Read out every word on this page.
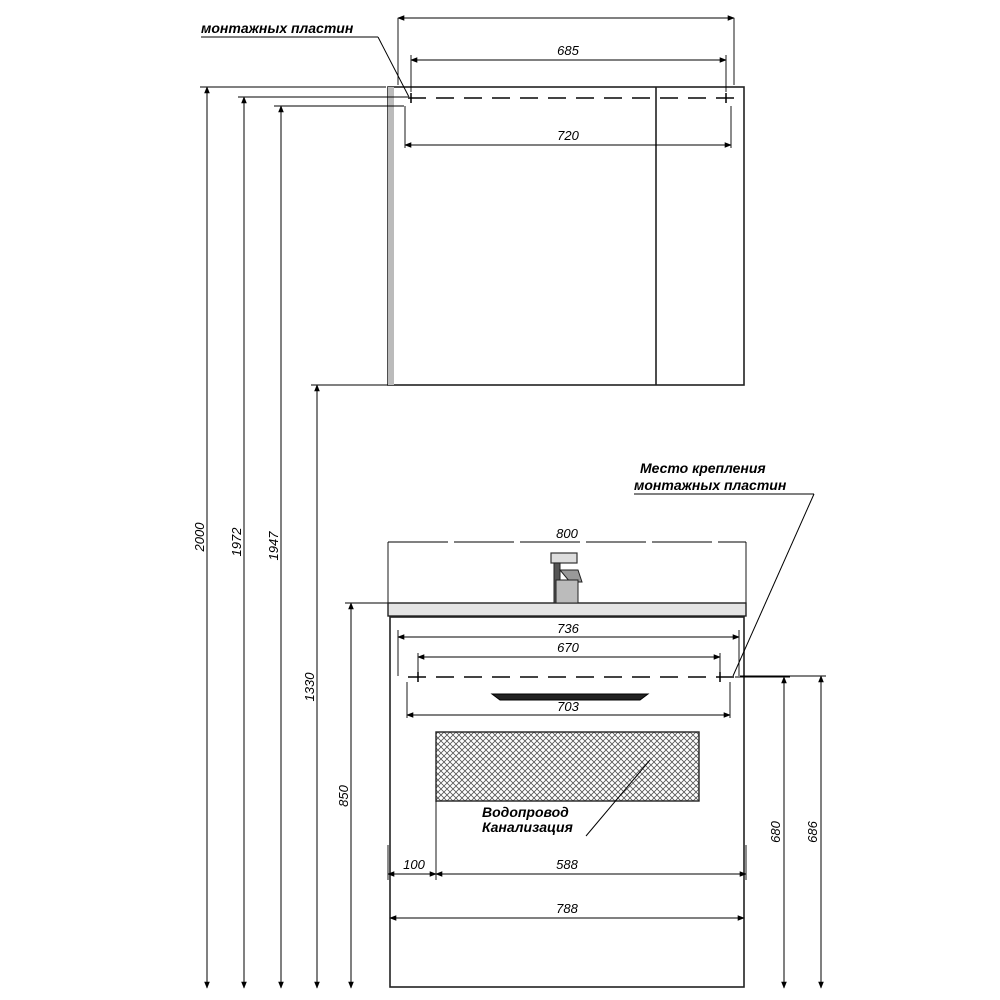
монтажных пластин
685
720
2000 1972 1947
1330
850
Место крепления
монтажных пластин
800
736
670
703
Водопровод
Канализация
100	588
788
680 686
